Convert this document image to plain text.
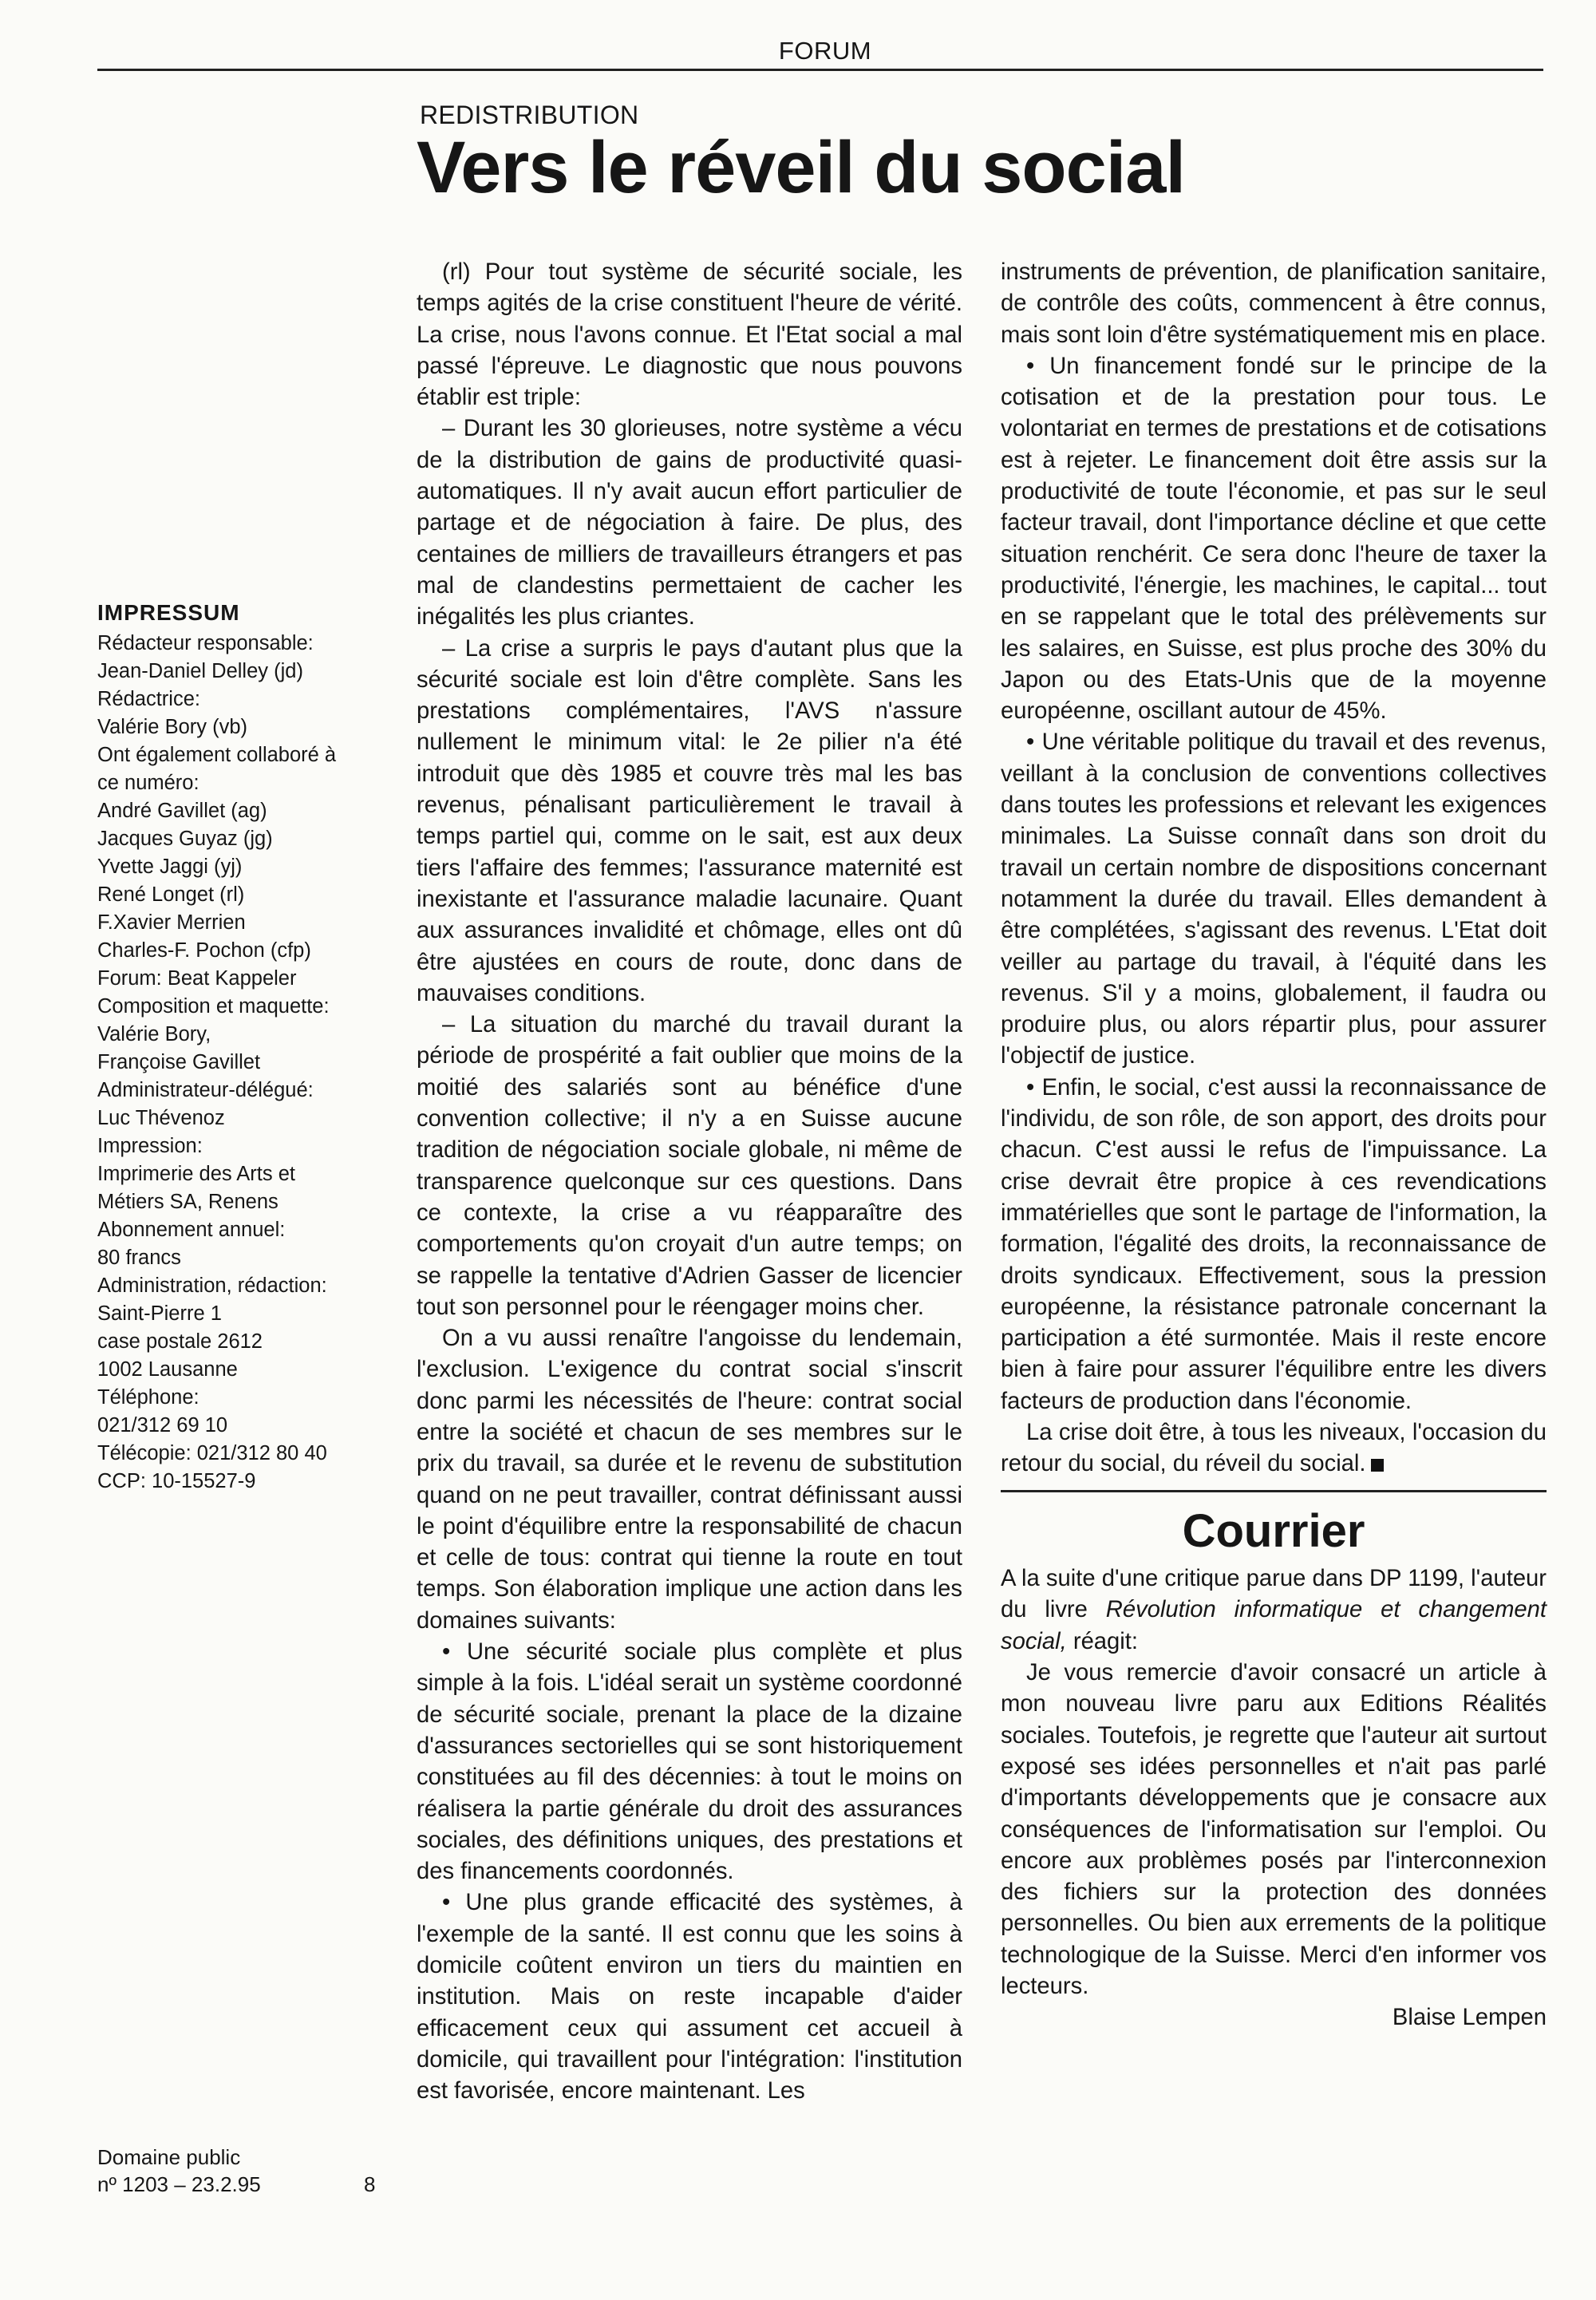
FORUM
REDISTRIBUTION
Vers le réveil du social
IMPRESSUM
Rédacteur responsable:
Jean-Daniel Delley (jd)
Rédactrice:
Valérie Bory (vb)
Ont également collaboré à
ce numéro:
André Gavillet (ag)
Jacques Guyaz (jg)
Yvette Jaggi (yj)
René Longet (rl)
F.Xavier Merrien
Charles-F. Pochon (cfp)
Forum: Beat Kappeler
Composition et maquette:
Valérie Bory,
Françoise Gavillet
Administrateur-délégué:
Luc Thévenoz
Impression:
Imprimerie des Arts et
Métiers SA, Renens
Abonnement annuel:
80 francs
Administration, rédaction:
Saint-Pierre 1
case postale 2612
1002 Lausanne
Téléphone:
021/312 69 10
Télécopie: 021/312 80 40
CCP: 10-15527-9
Domaine public
nº 1203 – 23.2.95	8

(rl) Pour tout système de sécurité sociale, les temps agités de la crise constituent l'heure de vérité. La crise, nous l'avons connue. Et l'Etat social a mal passé l'épreuve. Le diagnostic que nous pouvons établir est triple:

– Durant les 30 glorieuses, notre système a vécu de la distribution de gains de productivité quasi-automatiques. Il n'y avait aucun effort particulier de partage et de négociation à faire. De plus, des centaines de milliers de travailleurs étrangers et pas mal de clandestins permettaient de cacher les inégalités les plus criantes.

– La crise a surpris le pays d'autant plus que la sécurité sociale est loin d'être complète. Sans les prestations complémentaires, l'AVS n'assure nullement le minimum vital: le 2e pilier n'a été introduit que dès 1985 et couvre très mal les bas revenus, pénalisant particulièrement le travail à temps partiel qui, comme on le sait, est aux deux tiers l'affaire des femmes; l'assurance maternité est inexistante et l'assurance maladie lacunaire. Quant aux assurances invalidité et chômage, elles ont dû être ajustées en cours de route, donc dans de mauvaises conditions.

– La situation du marché du travail durant la période de prospérité a fait oublier que moins de la moitié des salariés sont au bénéfice d'une convention collective; il n'y a en Suisse aucune tradition de négociation sociale globale, ni même de transparence quelconque sur ces questions. Dans ce contexte, la crise a vu réapparaître des comportements qu'on croyait d'un autre temps; on se rappelle la tentative d'Adrien Gasser de licencier tout son personnel pour le réengager moins cher.

On a vu aussi renaître l'angoisse du lendemain, l'exclusion. L'exigence du contrat social s'inscrit donc parmi les nécessités de l'heure: contrat social entre la société et chacun de ses membres sur le prix du travail, sa durée et le revenu de substitution quand on ne peut travailler, contrat définissant aussi le point d'équilibre entre la responsabilité de chacun et celle de tous: contrat qui tienne la route en tout temps. Son élaboration implique une action dans les domaines suivants:

• Une sécurité sociale plus complète et plus simple à la fois. L'idéal serait un système coordonné de sécurité sociale, prenant la place de la dizaine d'assurances sectorielles qui se sont historiquement constituées au fil des décennies: à tout le moins on réalisera la partie générale du droit des assurances sociales, des définitions uniques, des prestations et des financements coordonnés.

• Une plus grande efficacité des systèmes, à l'exemple de la santé. Il est connu que les soins à domicile coûtent environ un tiers du maintien en institution. Mais on reste incapable d'aider efficacement ceux qui assument cet accueil à domicile, qui travaillent pour l'intégration: l'institution est favorisée, encore maintenant. Les

instruments de prévention, de planification sanitaire, de contrôle des coûts, commencent à être connus, mais sont loin d'être systématiquement mis en place.

• Un financement fondé sur le principe de la cotisation et de la prestation pour tous. Le volontariat en termes de prestations et de cotisations est à rejeter. Le financement doit être assis sur la productivité de toute l'économie, et pas sur le seul facteur travail, dont l'importance décline et que cette situation renchérit. Ce sera donc l'heure de taxer la productivité, l'énergie, les machines, le capital... tout en se rappelant que le total des prélèvements sur les salaires, en Suisse, est plus proche des 30% du Japon ou des Etats-Unis que de la moyenne européenne, oscillant autour de 45%.

• Une véritable politique du travail et des revenus, veillant à la conclusion de conventions collectives dans toutes les professions et relevant les exigences minimales. La Suisse connaît dans son droit du travail un certain nombre de dispositions concernant notamment la durée du travail. Elles demandent à être complétées, s'agissant des revenus. L'Etat doit veiller au partage du travail, à l'équité dans les revenus. S'il y a moins, globalement, il faudra ou produire plus, ou alors répartir plus, pour assurer l'objectif de justice.

• Enfin, le social, c'est aussi la reconnaissance de l'individu, de son rôle, de son apport, des droits pour chacun. C'est aussi le refus de l'impuissance. La crise devrait être propice à ces revendications immatérielles que sont le partage de l'information, la formation, l'égalité des droits, la reconnaissance de droits syndicaux. Effectivement, sous la pression européenne, la résistance patronale concernant la participation a été surmontée. Mais il reste encore bien à faire pour assurer l'équilibre entre les divers facteurs de production dans l'économie.

La crise doit être, à tous les niveaux, l'occasion du retour du social, du réveil du social.

Courrier

A la suite d'une critique parue dans DP 1199, l'auteur du livre Révolution informatique et changement social, réagit:

Je vous remercie d'avoir consacré un article à mon nouveau livre paru aux Editions Réalités sociales. Toutefois, je regrette que l'auteur ait surtout exposé ses idées personnelles et n'ait pas parlé d'importants développements que je consacre aux conséquences de l'informatisation sur l'emploi. Ou encore aux problèmes posés par l'interconnexion des fichiers sur la protection des données personnelles. Ou bien aux errements de la politique technologique de la Suisse. Merci d'en informer vos lecteurs.

Blaise Lempen
